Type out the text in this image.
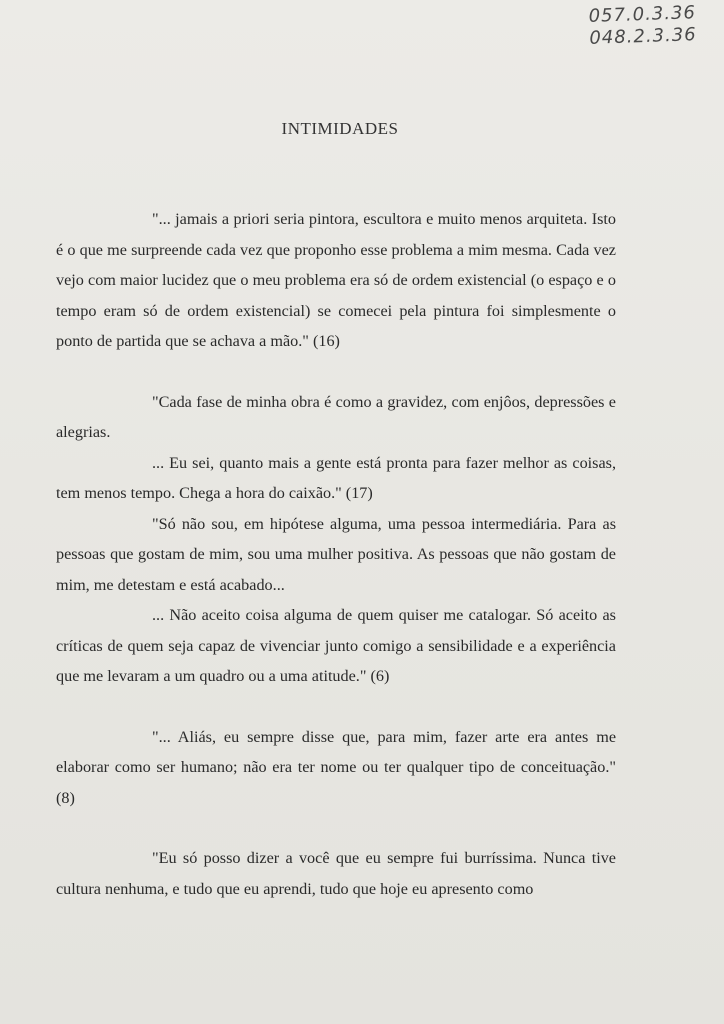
057.0.3.36
048.2.3.36
INTIMIDADES

"... jamais a priori seria pintora, escultora e muito menos arquiteta. Isto é o que me surpreende cada vez que proponho esse problema a mim mesma. Cada vez vejo com maior lucidez que o meu problema era só de ordem existencial (o espaço e o tempo eram só de ordem existencial) se comecei pela pintura foi simplesmente o ponto de partida que se achava a mão." (16)

"Cada fase de minha obra é como a gravidez, com enjôos, depressões e alegrias.

... Eu sei, quanto mais a gente está pronta para fazer melhor as coisas, tem menos tempo. Chega a hora do caixão." (17)

"Só não sou, em hipótese alguma, uma pessoa intermediária. Para as pessoas que gostam de mim, sou uma mulher positiva. As pessoas que não gostam de mim, me detestam e está acabado...

... Não aceito coisa alguma de quem quiser me catalogar. Só aceito as críticas de quem seja capaz de vivenciar junto comigo a sensibilidade e a experiência que me levaram a um quadro ou a uma atitude." (6)

"... Aliás, eu sempre disse que, para mim, fazer arte era antes me elaborar como ser humano; não era ter nome ou ter qualquer tipo de conceituação." (8)

"Eu só posso dizer a você que eu sempre fui burríssima. Nunca tive cultura nenhuma, e tudo que eu aprendi, tudo que hoje eu apresento como
